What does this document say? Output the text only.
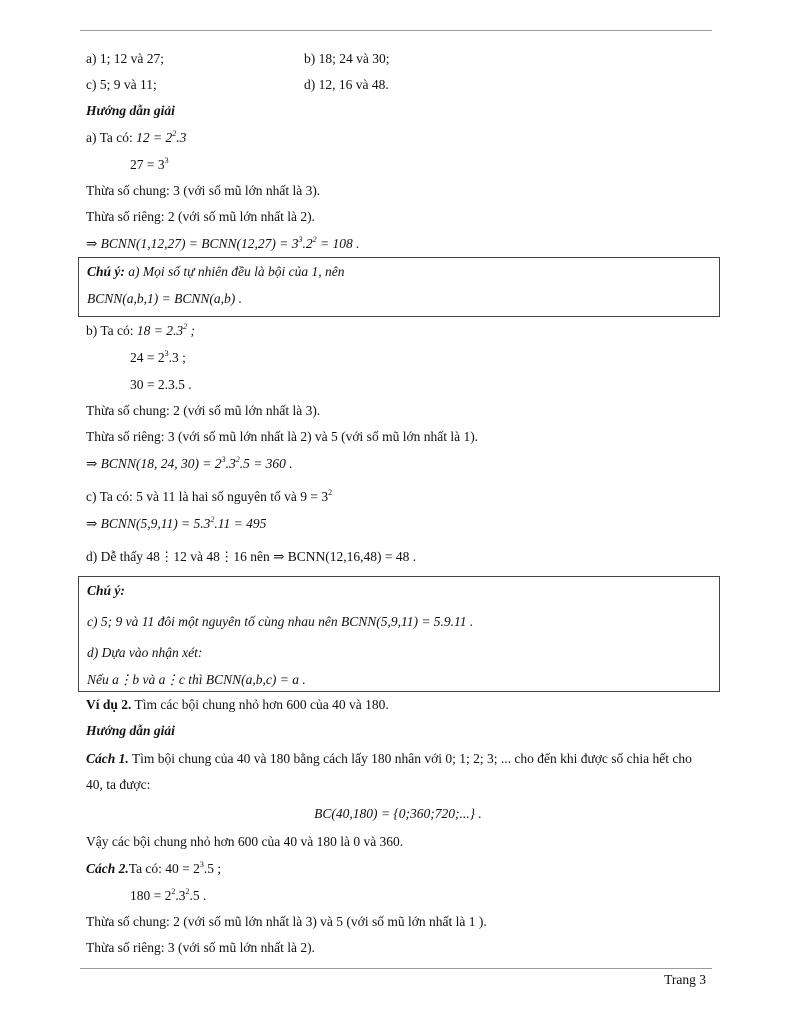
a) 1; 12 và 27;	b) 18; 24 và 30;
c) 5; 9 và 11;	d) 12, 16 và 48.
Hướng dẫn giải
a) Ta có: $12 = 2^2.3$
$27 = 3^3$
Thừa số chung: 3 (với số mũ lớn nhất là 3).
Thừa số riêng: 2 (với số mũ lớn nhất là 2).
⇒ BCNN(1,12,27) = BCNN(12,27) = $3^3.2^2 = 108$ .
Chú ý: a) Mọi số tự nhiên đều là bội của 1, nên
BCNN(a,b,1) = BCNN(a,b) .
b) Ta có: $18 = 2.3^2$ ;
$24 = 2^3.3$ ;
30 = 2.3.5 .
Thừa số chung: 2 (với số mũ lớn nhất là 3).
Thừa số riêng: 3 (với số mũ lớn nhất là 2) và 5 (với số mũ lớn nhất là 1).
⇒ BCNN(18, 24, $30) = 2^3.3^2.5 = 360$ .
c) Ta có: 5 và 11 là hai số nguyên tố và $9 = 3^2$
⇒ BCNN(5,9,11) = $5.3^2.11 = 495$
d) Dễ thấy 48⋮12 và 48⋮16 nên ⇒ BCNN(12,16,48) = 48 .
Chú ý:
c) 5; 9 và 11 đôi một nguyên tố cùng nhau nên BCNN(5,9,11) = 5.9.11 .
d) Dựa vào nhận xét:
Nếu a⋮b và a⋮c thì BCNN(a,b,c) = a .
Ví dụ 2. Tìm các bội chung nhỏ hơn 600 của 40 và 180.
Hướng dẫn giải
Cách 1. Tìm bội chung của 40 và 180 bằng cách lấy 180 nhân với 0; 1; 2; 3; ... cho đến khi được số chia hết cho 40, ta được:
BC(40,180) = {0;360;720;...} .
Vậy các bội chung nhỏ hơn 600 của 40 và 180 là 0 và 360.
Cách 2.Ta có: $40 = 2^3.5$ ;
$180 = 2^2.3^2.5$ .
Thừa số chung: 2 (với số mũ lớn nhất là 3) và 5 (với số mũ lớn nhất là 1 ).
Thừa số riêng: 3 (với số mũ lớn nhất là 2).
Trang 3
